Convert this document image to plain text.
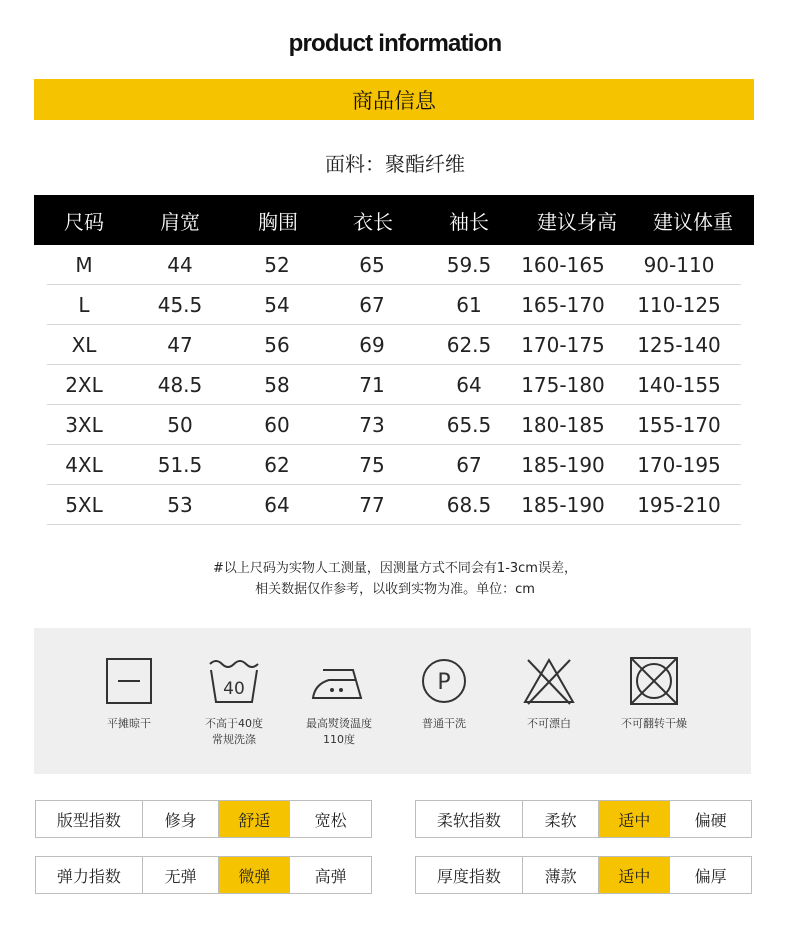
product information
商品信息
面料：聚酯纤维
尺码	肩宽	胸围	衣长	袖长	建议身高	建议体重
M	44	52	65	59.5	160-165	90-110
L	45.5	54	67	61	165-170	110-125
XL	47	56	69	62.5	170-175	125-140
2XL	48.5	58	71	64	175-180	140-155
3XL	50	60	73	65.5	180-185	155-170
4XL	51.5	62	75	67	185-190	170-195
5XL	53	64	77	68.5	185-190	195-210
#以上尺码为实物人工测量，因测量方式不同会有1-3cm误差，
相关数据仅作参考，以收到实物为准。单位：cm
平摊晾干
40
不高于40度
常规洗涤
最高熨烫温度
110度
P
普通干洗	不可漂白	不可翻转干燥
版型指数	修身	舒适	宽松	柔软指数	柔软	适中	偏硬
弹力指数	无弹	微弹	高弹	厚度指数	薄款	适中	偏厚
